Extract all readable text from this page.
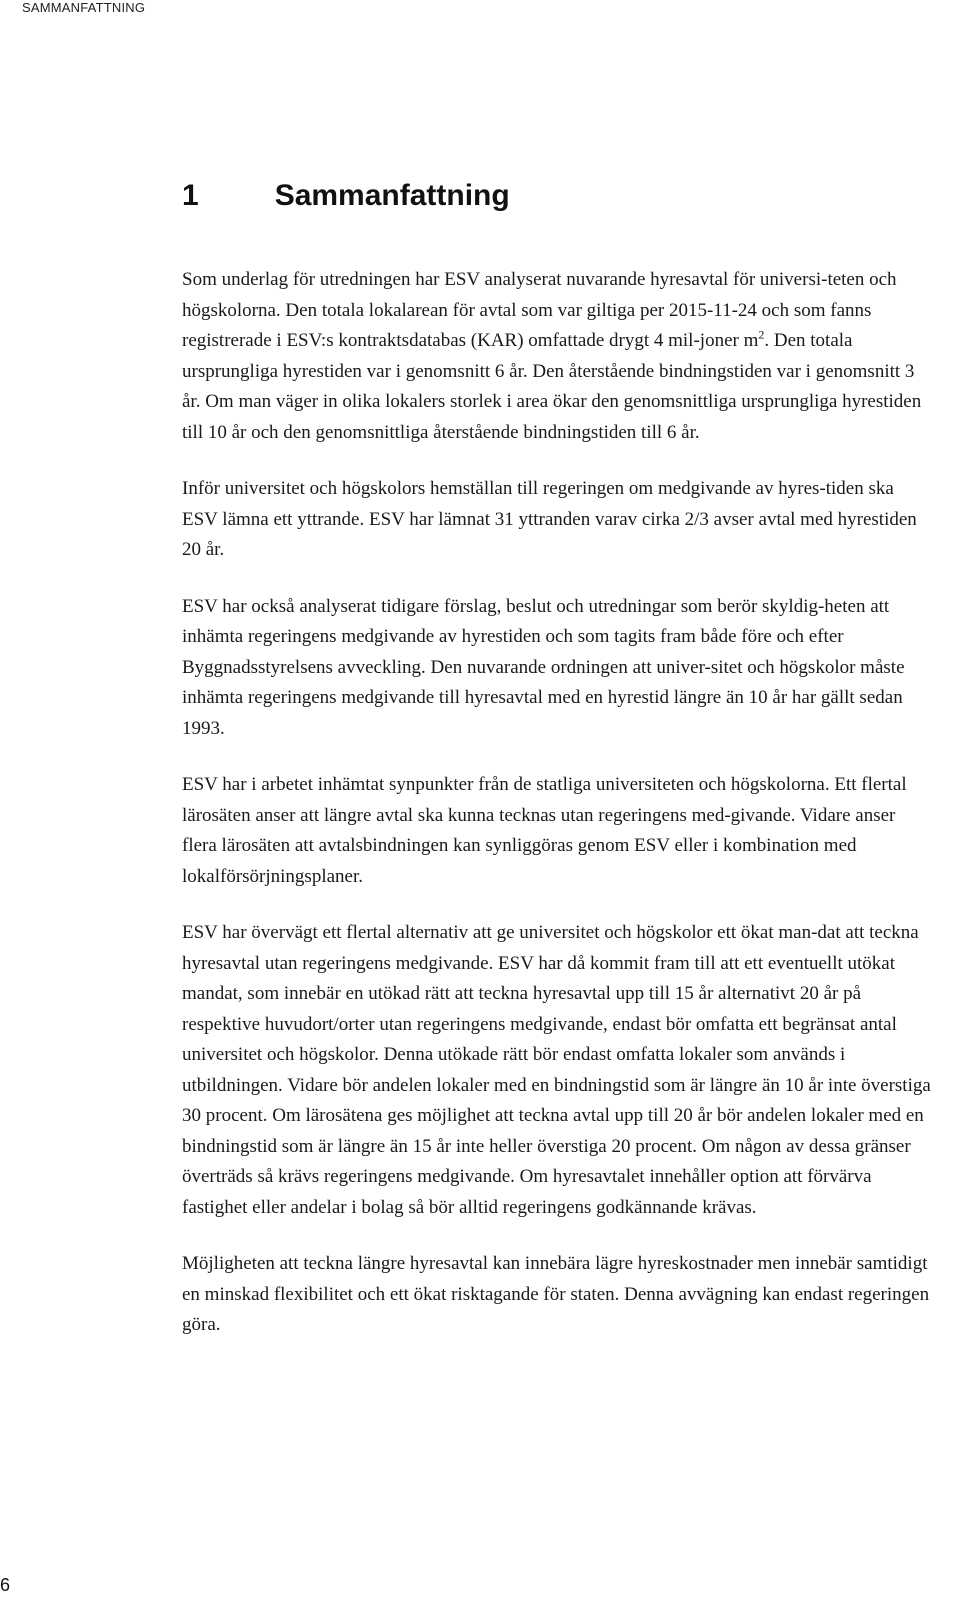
SAMMANFATTNING
1	Sammanfattning

Som underlag för utredningen har ESV analyserat nuvarande hyresavtal för universi-teten och högskolorna. Den totala lokalarean för avtal som var giltiga per 2015-11-24 och som fanns registrerade i ESV:s kontraktsdatabas (KAR) omfattade drygt 4 mil-joner $m^2$. Den totala ursprungliga hyrestiden var i genomsnitt 6 år. Den återstående bindningstiden var i genomsnitt 3 år. Om man väger in olika lokalers storlek i area ökar den genomsnittliga ursprungliga hyrestiden till 10 år och den genomsnittliga återstående bindningstiden till 6 år.

Inför universitet och högskolors hemställan till regeringen om medgivande av hyres-tiden ska ESV lämna ett yttrande. ESV har lämnat 31 yttranden varav cirka 2/3 avser avtal med hyrestiden 20 år.

ESV har också analyserat tidigare förslag, beslut och utredningar som berör skyldig-heten att inhämta regeringens medgivande av hyrestiden och som tagits fram både före och efter Byggnadsstyrelsens avveckling. Den nuvarande ordningen att univer-sitet och högskolor måste inhämta regeringens medgivande till hyresavtal med en hyrestid längre än 10 år har gällt sedan 1993.

ESV har i arbetet inhämtat synpunkter från de statliga universiteten och högskolorna. Ett flertal lärosäten anser att längre avtal ska kunna tecknas utan regeringens med-givande. Vidare anser flera lärosäten att avtalsbindningen kan synliggöras genom ESV eller i kombination med lokalförsörjningsplaner.

ESV har övervägt ett flertal alternativ att ge universitet och högskolor ett ökat man-dat att teckna hyresavtal utan regeringens medgivande. ESV har då kommit fram till att ett eventuellt utökat mandat, som innebär en utökad rätt att teckna hyresavtal upp till 15 år alternativt 20 år på respektive huvudort/orter utan regeringens medgivande, endast bör omfatta ett begränsat antal universitet och högskolor. Denna utökade rätt bör endast omfatta lokaler som används i utbildningen. Vidare bör andelen lokaler med en bindningstid som är längre än 10 år inte överstiga 30 procent. Om lärosätena ges möjlighet att teckna avtal upp till 20 år bör andelen lokaler med en bindningstid som är längre än 15 år inte heller överstiga 20 procent. Om någon av dessa gränser överträds så krävs regeringens medgivande. Om hyresavtalet innehåller option att förvärva fastighet eller andelar i bolag så bör alltid regeringens godkännande krävas.

Möjligheten att teckna längre hyresavtal kan innebära lägre hyreskostnader men innebär samtidigt en minskad flexibilitet och ett ökat risktagande för staten. Denna avvägning kan endast regeringen göra.

6
